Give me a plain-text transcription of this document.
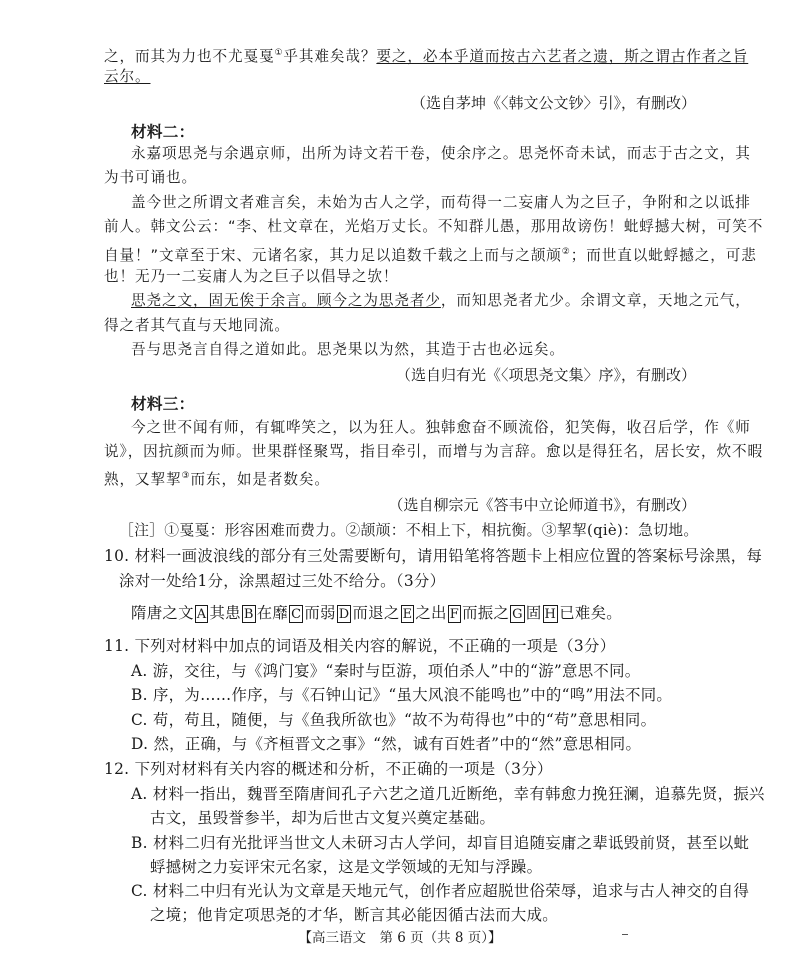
之，而其为力也不尤戛戛①乎其难矣哉？要之，必本乎道而按古六艺者之遗，斯之谓古作者之旨
云尔。
（选自茅坤《〈韩文公文钞〉引》，有删改）
材料二：
永嘉项思尧与余遇京师，出所为诗文若干卷，使余序之。思尧怀奇未试，而志于古之文，其
为书可诵也。
盖今世之所谓文者难言矣，未始为古人之学，而苟得一二妄庸人为之巨子，争附和之以诋排
前人。韩文公云：“李、杜文章在，光焰万丈长。不知群儿愚，那用故谤伤！蚍蜉撼大树，可笑不
自量！”文章至于宋、元诸名家，其力足以追数千载之上而与之颉颃②；而世直以蚍蜉撼之，可悲
也！无乃一二妄庸人为之巨子以倡导之欤！
思尧之文，固无俟于余言。顾今之为思尧者少，而知思尧者尤少。余谓文章，天地之元气，
得之者其气直与天地同流。
吾与思尧言自得之道如此。思尧果以为然，其造于古也必远矣。
（选自归有光《〈项思尧文集〉序》，有删改）
材料三：
今之世不闻有师，有辄哗笑之，以为狂人。独韩愈奋不顾流俗，犯笑侮，收召后学，作《师
说》，因抗颜而为师。世果群怪聚骂，指目牵引，而增与为言辞。愈以是得狂名，居长安，炊不暇
熟，又挈挈③而东，如是者数矣。
（选自柳宗元《答韦中立论师道书》，有删改）
［注］①戛戛：形容困难而费力。②颉颃：不相上下，相抗衡。③挈挈(qiè)：急切地。
10. 材料一画波浪线的部分有三处需要断句，请用铅笔将答题卡上相应位置的答案标号涂黑，每
涂对一处给1分，涂黑超过三处不给分。（3分）
隋唐之文 A 其患 B 在靡 C 而弱 D 而退之 E 之出 F 而振之 G 固 H 已难矣。
11. 下列对材料中加点的词语及相关内容的解说，不正确的一项是（3分）
A. 游，交往，与《鸿门宴》“秦时与臣游，项伯杀人”中的“游”意思不同。
B. 序，为……作序，与《石钟山记》“虽大风浪不能鸣也”中的“鸣”用法不同。
C. 苟，苟且，随便，与《鱼我所欲也》“故不为苟得也”中的“苟”意思相同。
D. 然，正确，与《齐桓晋文之事》“然，诚有百姓者”中的“然”意思相同。
12. 下列对材料有关内容的概述和分析，不正确的一项是（3分）
A. 材料一指出，魏晋至隋唐间孔子六艺之道几近断绝，幸有韩愈力挽狂澜，追慕先贤，振兴
古文，虽毁誉参半，却为后世古文复兴奠定基础。
B. 材料二归有光批评当世文人未研习古人学问，却盲目追随妄庸之辈诋毁前贤，甚至以蚍
蜉撼树之力妄评宋元名家，这是文学领域的无知与浮躁。
C. 材料二中归有光认为文章是天地元气，创作者应超脱世俗荣辱，追求与古人神交的自得
之境；他肯定项思尧的才华，断言其必能因循古法而大成。
【高三语文　第 6 页（共 8 页）】
